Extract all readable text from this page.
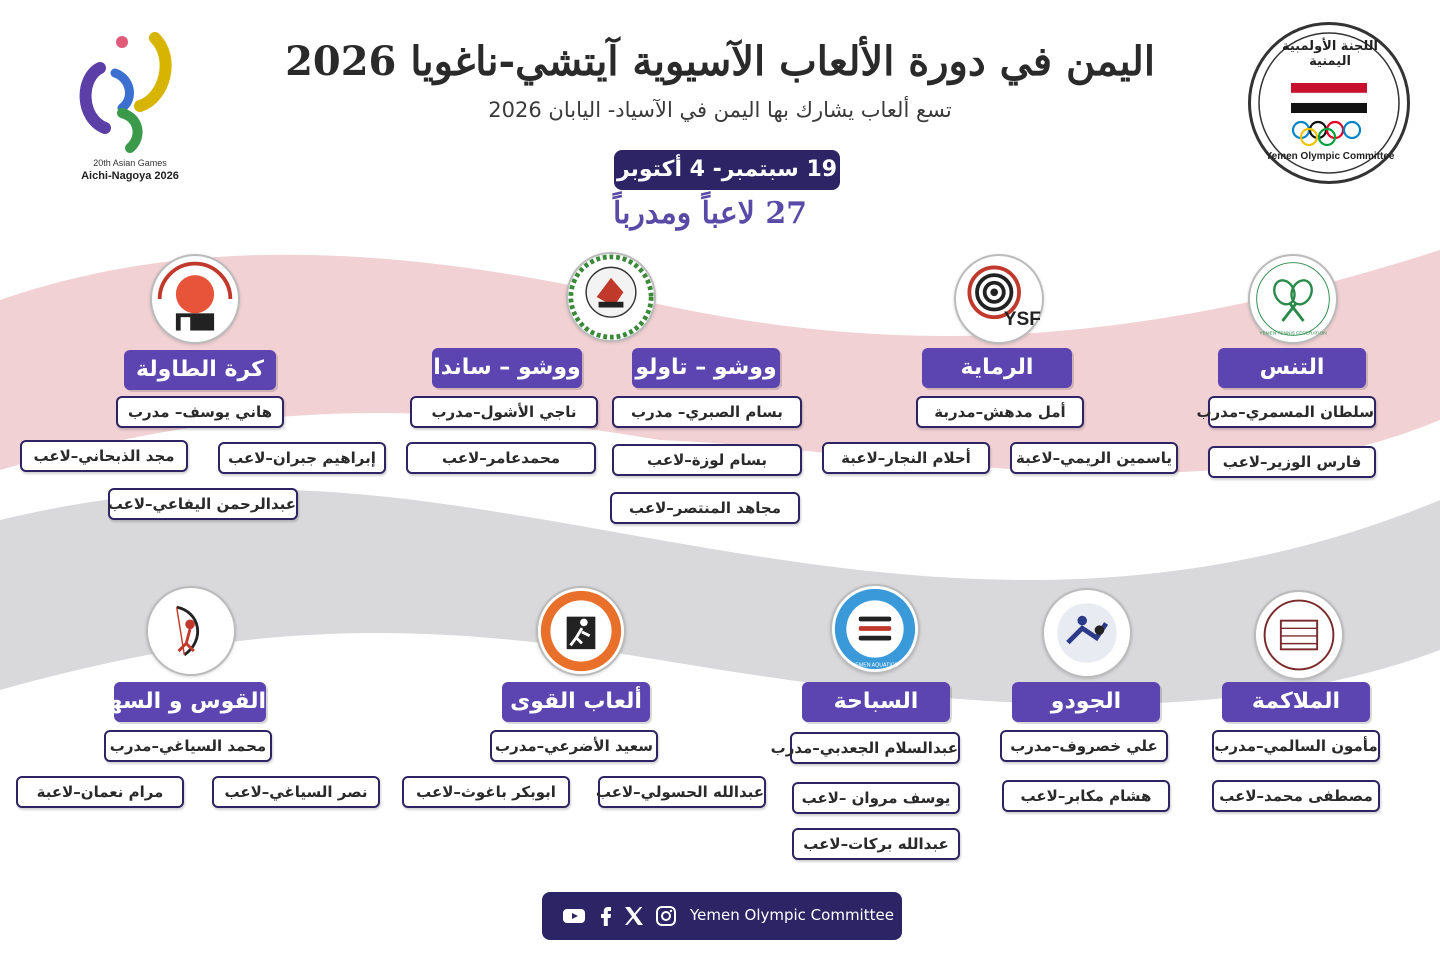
20th Asian Games
Aichi-Nagoya 2026
اللجنة الأولمبية اليمنية
Yemen Olympic Committee
اليمن في دورة الألعاب الآسيوية آيتشي-ناغويا 2026
تسع ألعاب يشارك بها اليمن في الآسياد- اليابان 2026
19 سبتمبر- 4 أكتوبر
27 لاعباً ومدرباً
YSF
YEMEN TENNIS FEDERATION
كرة الطاولة
هاني يوسف– مدرب
إبراهيم جبران–لاعب
مجد الذبحاني–لاعب
عبدالرحمن اليفاعي–لاعب
ووشو – ساندا
ناجي الأشول–مدرب
محمدعامر–لاعب
ووشو – تاولو
بسام الصبري– مدرب
بسام لوزة–لاعب
مجاهد المنتصر–لاعب
الرماية
أمل مدهش–مدربة
ياسمين الريمي–لاعبة
أحلام النجار–لاعبة
التنس
سلطان المسمري–مدرب
فارس الوزير–لاعب
YEMEN AQUATICS
القوس و السهم
محمد السياغي–مدرب
نصر السياغي–لاعب
مرام نعمان–لاعبة
ألعاب القوى
سعيد الأضرعي–مدرب
عبدالله الحسولي–لاعب
ابوبكر باغوث–لاعب
السباحة
عبدالسلام الجعدبي–مدرب
يوسف مروان –لاعب
عبدالله بركات–لاعب
الجودو
علي خصروف–مدرب
هشام مكابر–لاعب
الملاكمة
مأمون السالمي–مدرب
مصطفى محمد–لاعب
Yemen Olympic Committee
